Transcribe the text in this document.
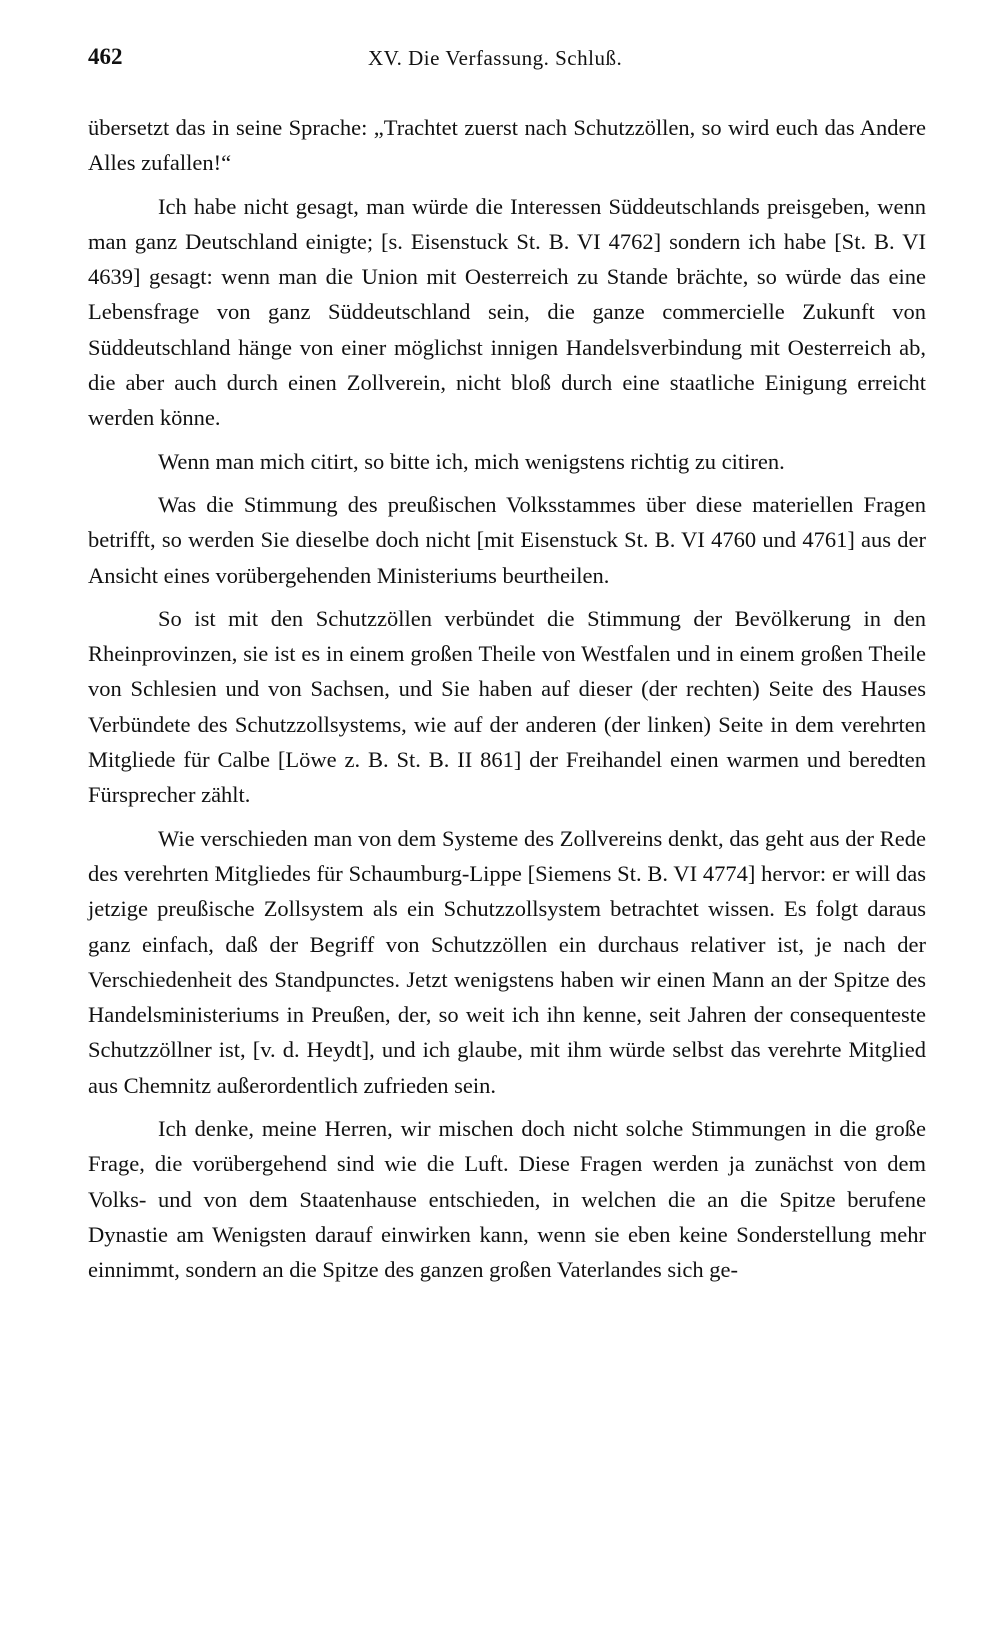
462	XV. Die Verfassung. Schluß.

übersetzt das in seine Sprache: „Trachtet zuerst nach Schutzzöllen, so wird euch das Andere Alles zufallen!“

Ich habe nicht gesagt, man würde die Interessen Süddeutschlands preisgeben, wenn man ganz Deutschland einigte; [s. Eisenstuck St. B. VI 4762] sondern ich habe [St. B. VI 4639] gesagt: wenn man die Union mit Oesterreich zu Stande brächte, so würde das eine Lebensfrage von ganz Süddeutschland sein, die ganze commercielle Zukunft von Süddeutschland hänge von einer möglichst innigen Handelsverbindung mit Oesterreich ab, die aber auch durch einen Zollverein, nicht bloß durch eine staatliche Einigung erreicht werden könne.

Wenn man mich citirt, so bitte ich, mich wenigstens richtig zu citiren.

Was die Stimmung des preußischen Volksstammes über diese materiellen Fragen betrifft, so werden Sie dieselbe doch nicht [mit Eisenstuck St. B. VI 4760 und 4761] aus der Ansicht eines vorübergehenden Ministeriums beurtheilen.

So ist mit den Schutzzöllen verbündet die Stimmung der Bevölkerung in den Rheinprovinzen, sie ist es in einem großen Theile von Westfalen und in einem großen Theile von Schlesien und von Sachsen, und Sie haben auf dieser (der rechten) Seite des Hauses Verbündete des Schutzzollsystems, wie auf der anderen (der linken) Seite in dem verehrten Mitgliede für Calbe [Löwe z. B. St. B. II 861] der Freihandel einen warmen und beredten Fürsprecher zählt.

Wie verschieden man von dem Systeme des Zollvereins denkt, das geht aus der Rede des verehrten Mitgliedes für Schaumburg-Lippe [Siemens St. B. VI 4774] hervor: er will das jetzige preußische Zollsystem als ein Schutzzollsystem betrachtet wissen. Es folgt daraus ganz einfach, daß der Begriff von Schutzzöllen ein durchaus relativer ist, je nach der Verschiedenheit des Standpunctes. Jetzt wenigstens haben wir einen Mann an der Spitze des Handelsministeriums in Preußen, der, so weit ich ihn kenne, seit Jahren der consequenteste Schutzzöllner ist, [v. d. Heydt], und ich glaube, mit ihm würde selbst das verehrte Mitglied aus Chemnitz außerordentlich zufrieden sein.

Ich denke, meine Herren, wir mischen doch nicht solche Stimmungen in die große Frage, die vorübergehend sind wie die Luft. Diese Fragen werden ja zunächst von dem Volks- und von dem Staatenhause entschieden, in welchen die an die Spitze berufene Dynastie am Wenigsten darauf einwirken kann, wenn sie eben keine Sonderstellung mehr einnimmt, sondern an die Spitze des ganzen großen Vaterlandes sich ge-
